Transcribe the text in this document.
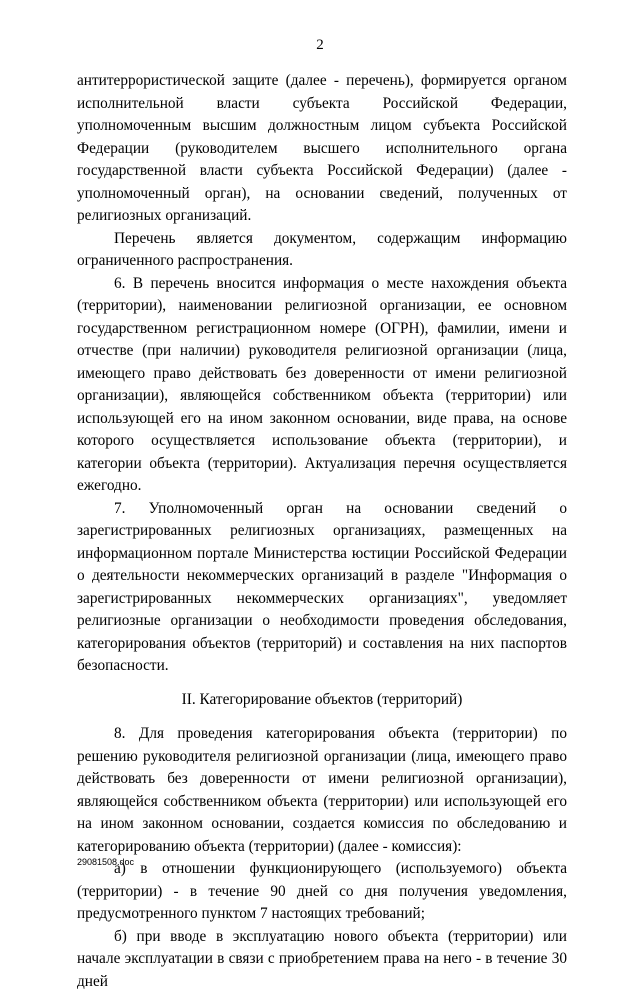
2

антитеррористической защите (далее - перечень), формируется органом исполнительной власти субъекта Российской Федерации, уполномоченным высшим должностным лицом субъекта Российской Федерации (руководителем высшего исполнительного органа государственной власти субъекта Российской Федерации) (далее - уполномоченный орган), на основании сведений, полученных от религиозных организаций.

Перечень является документом, содержащим информацию ограниченного распространения.

6. В перечень вносится информация о месте нахождения объекта (территории), наименовании религиозной организации, ее основном государственном регистрационном номере (ОГРН), фамилии, имени и отчестве (при наличии) руководителя религиозной организации (лица, имеющего право действовать без доверенности от имени религиозной организации), являющейся собственником объекта (территории) или использующей его на ином законном основании, виде права, на основе которого осуществляется использование объекта (территории), и категории объекта (территории). Актуализация перечня осуществляется ежегодно.

7. Уполномоченный орган на основании сведений о зарегистрированных религиозных организациях, размещенных на информационном портале Министерства юстиции Российской Федерации о деятельности некоммерческих организаций в разделе "Информация о зарегистрированных некоммерческих организациях", уведомляет религиозные организации о необходимости проведения обследования, категорирования объектов (территорий) и составления на них паспортов безопасности.

II. Категорирование объектов (территорий)

8. Для проведения категорирования объекта (территории) по решению руководителя религиозной организации (лица, имеющего право действовать без доверенности от имени религиозной организации), являющейся собственником объекта (территории) или использующей его на ином законном основании, создается комиссия по обследованию и категорированию объекта (территории) (далее - комиссия):

а) в отношении функционирующего (используемого) объекта (территории) - в течение 90 дней со дня получения уведомления, предусмотренного пунктом 7 настоящих требований;

б) при вводе в эксплуатацию нового объекта (территории) или начале эксплуатации в связи с приобретением права на него - в течение 30 дней

29081508.doc
